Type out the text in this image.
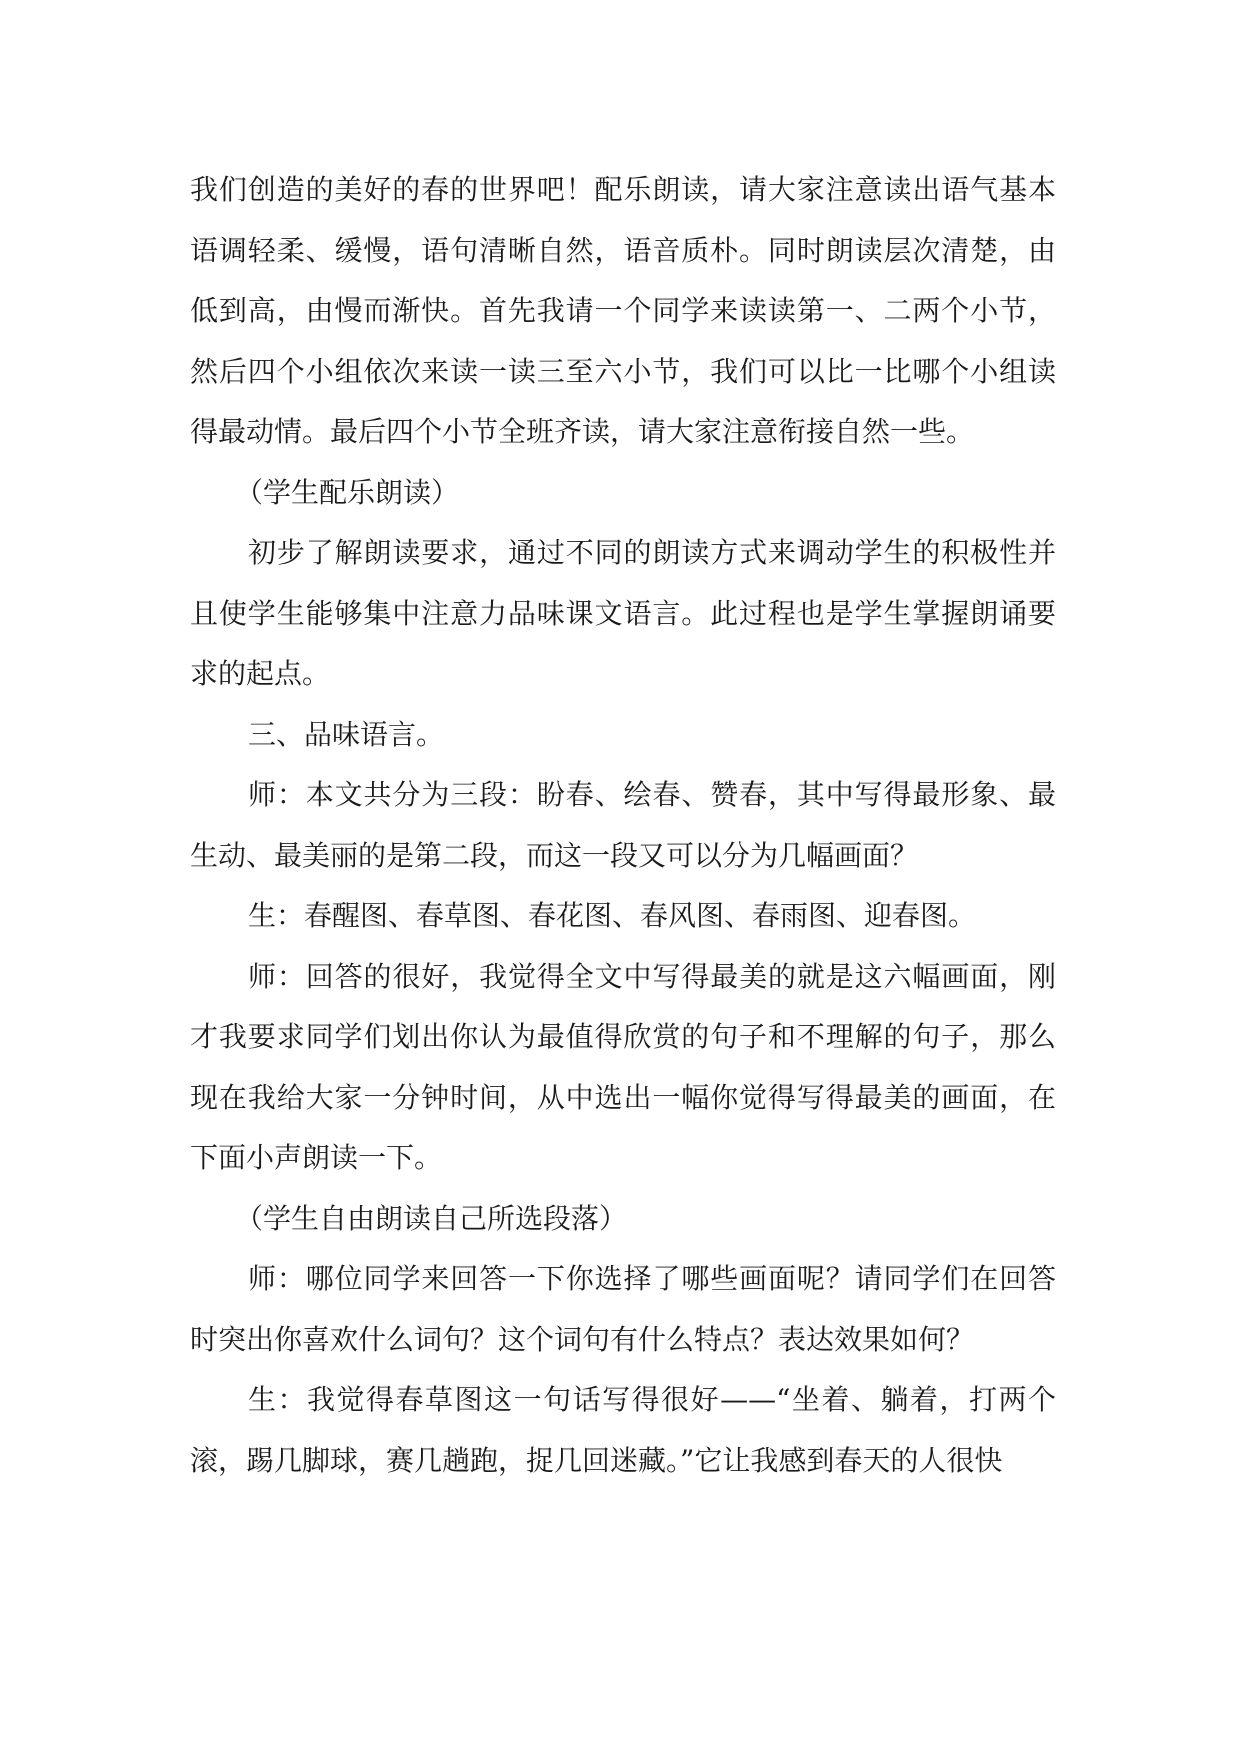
我们创造的美好的春的世界吧！配乐朗读，请大家注意读出语气基本语调轻柔、缓慢，语句清晰自然，语音质朴。同时朗读层次清楚，由低到高，由慢而渐快。首先我请一个同学来读读第一、二两个小节，然后四个小组依次来读一读三至六小节，我们可以比一比哪个小组读得最动情。最后四个小节全班齐读，请大家注意衔接自然一些。

（学生配乐朗读）

初步了解朗读要求，通过不同的朗读方式来调动学生的积极性并且使学生能够集中注意力品味课文语言。此过程也是学生掌握朗诵要求的起点。

三、品味语言。

师：本文共分为三段：盼春、绘春、赞春，其中写得最形象、最生动、最美丽的是第二段，而这一段又可以分为几幅画面？

生：春醒图、春草图、春花图、春风图、春雨图、迎春图。

师：回答的很好，我觉得全文中写得最美的就是这六幅画面，刚才我要求同学们划出你认为最值得欣赏的句子和不理解的句子，那么现在我给大家一分钟时间，从中选出一幅你觉得写得最美的画面，在下面小声朗读一下。

（学生自由朗读自己所选段落）

师：哪位同学来回答一下你选择了哪些画面呢？请同学们在回答时突出你喜欢什么词句？这个词句有什么特点？表达效果如何？

生：我觉得春草图这一句话写得很好——“坐着、躺着，打两个滚，踢几脚球，赛几趟跑，捉几回迷藏。”它让我感到春天的人很快
